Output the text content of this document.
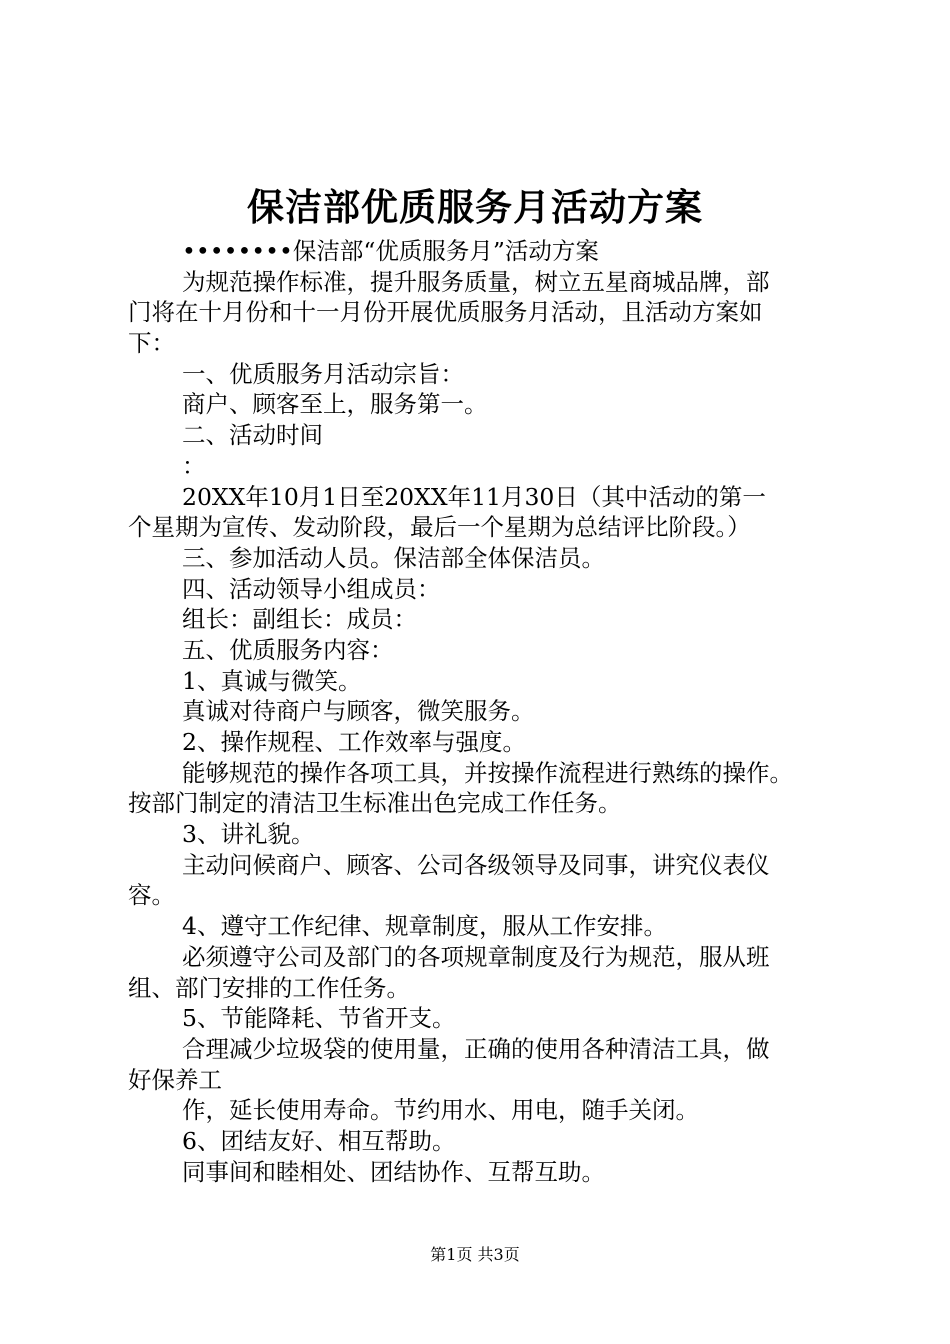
保洁部优质服务月活动方案
••••••••保洁部“优质服务月”活动方案
为规范操作标准，提升服务质量，树立五星商城品牌，部
门将在十月份和十一月份开展优质服务月活动，且活动方案如
下：
一、优质服务月活动宗旨：
商户、顾客至上，服务第一。
二、活动时间
：
20XX年10月1日至20XX年11月30日（其中活动的第一
个星期为宣传、发动阶段，最后一个星期为总结评比阶段。）
三、参加活动人员。保洁部全体保洁员。
四、活动领导小组成员：
组长：副组长：成员：
五、优质服务内容：
1、真诚与微笑。
真诚对待商户与顾客，微笑服务。
2、操作规程、工作效率与强度。
能够规范的操作各项工具，并按操作流程进行熟练的操作。
按部门制定的清洁卫生标准出色完成工作任务。
3、讲礼貌。
主动问候商户、顾客、公司各级领导及同事，讲究仪表仪
容。
4、遵守工作纪律、规章制度，服从工作安排。
必须遵守公司及部门的各项规章制度及行为规范，服从班
组、部门安排的工作任务。
5、节能降耗、节省开支。
合理减少垃圾袋的使用量，正确的使用各种清洁工具，做
好保养工
作，延长使用寿命。节约用水、用电，随手关闭。
6、团结友好、相互帮助。
同事间和睦相处、团结协作、互帮互助。
第1页 共3页
